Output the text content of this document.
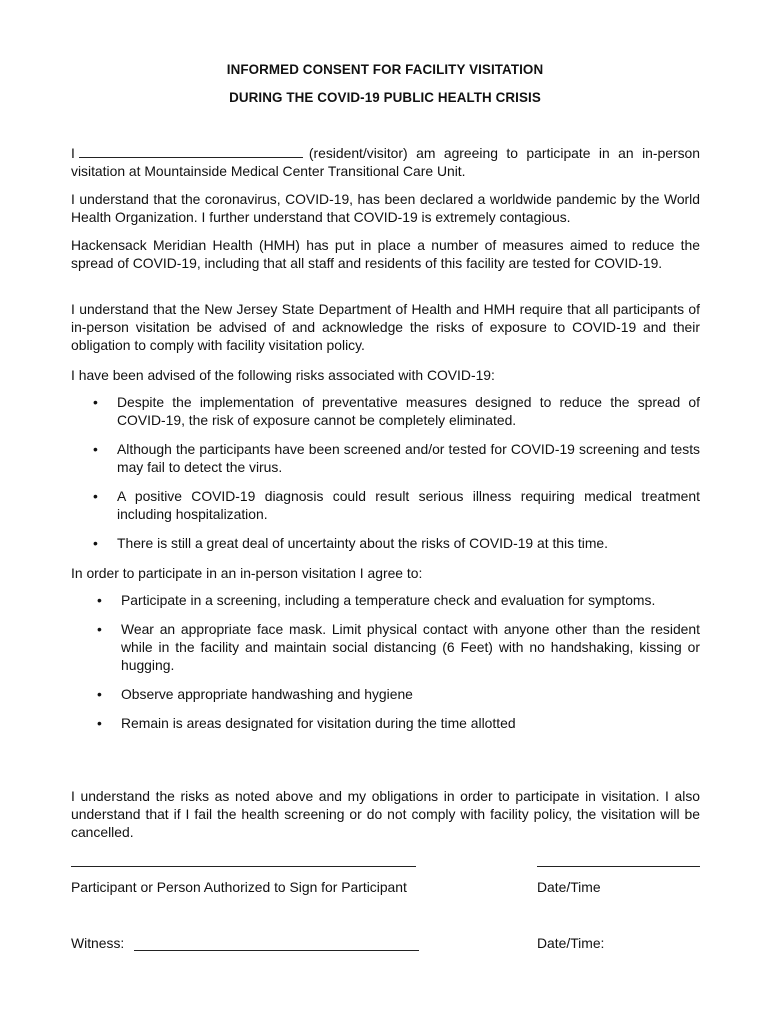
INFORMED CONSENT FOR FACILITY VISITATION
DURING THE COVID-19 PUBLIC HEALTH CRISIS
I	(resident/visitor) am agreeing to participate in an in-person visitation at Mountainside Medical Center Transitional Care Unit.
I understand that the coronavirus, COVID-19, has been declared a worldwide pandemic by the World Health Organization. I further understand that COVID-19 is extremely contagious.
Hackensack Meridian Health (HMH) has put in place a number of measures aimed to reduce the spread of COVID-19, including that all staff and residents of this facility are tested for COVID-19.
I understand that the New Jersey State Department of Health and HMH require that all participants of in-person visitation be advised of and acknowledge the risks of exposure to COVID-19 and their obligation to comply with facility visitation policy.
I have been advised of the following risks associated with COVID-19:
• Despite the implementation of preventative measures designed to reduce the spread of COVID-19, the risk of exposure cannot be completely eliminated.
• Although the participants have been screened and/or tested for COVID-19 screening and tests may fail to detect the virus.
• A positive COVID-19 diagnosis could result serious illness requiring medical treatment including hospitalization.
• There is still a great deal of uncertainty about the risks of COVID-19 at this time.
In order to participate in an in-person visitation I agree to:
• Participate in a screening, including a temperature check and evaluation for symptoms.
• Wear an appropriate face mask. Limit physical contact with anyone other than the resident while in the facility and maintain social distancing (6 Feet) with no handshaking, kissing or hugging.
• Observe appropriate handwashing and hygiene
• Remain is areas designated for visitation during the time allotted
I understand the risks as noted above and my obligations in order to participate in visitation. I also understand that if I fail the health screening or do not comply with facility policy, the visitation will be cancelled.
Participant or Person Authorized to Sign for Participant	Date/Time
Witness:	Date/Time:
